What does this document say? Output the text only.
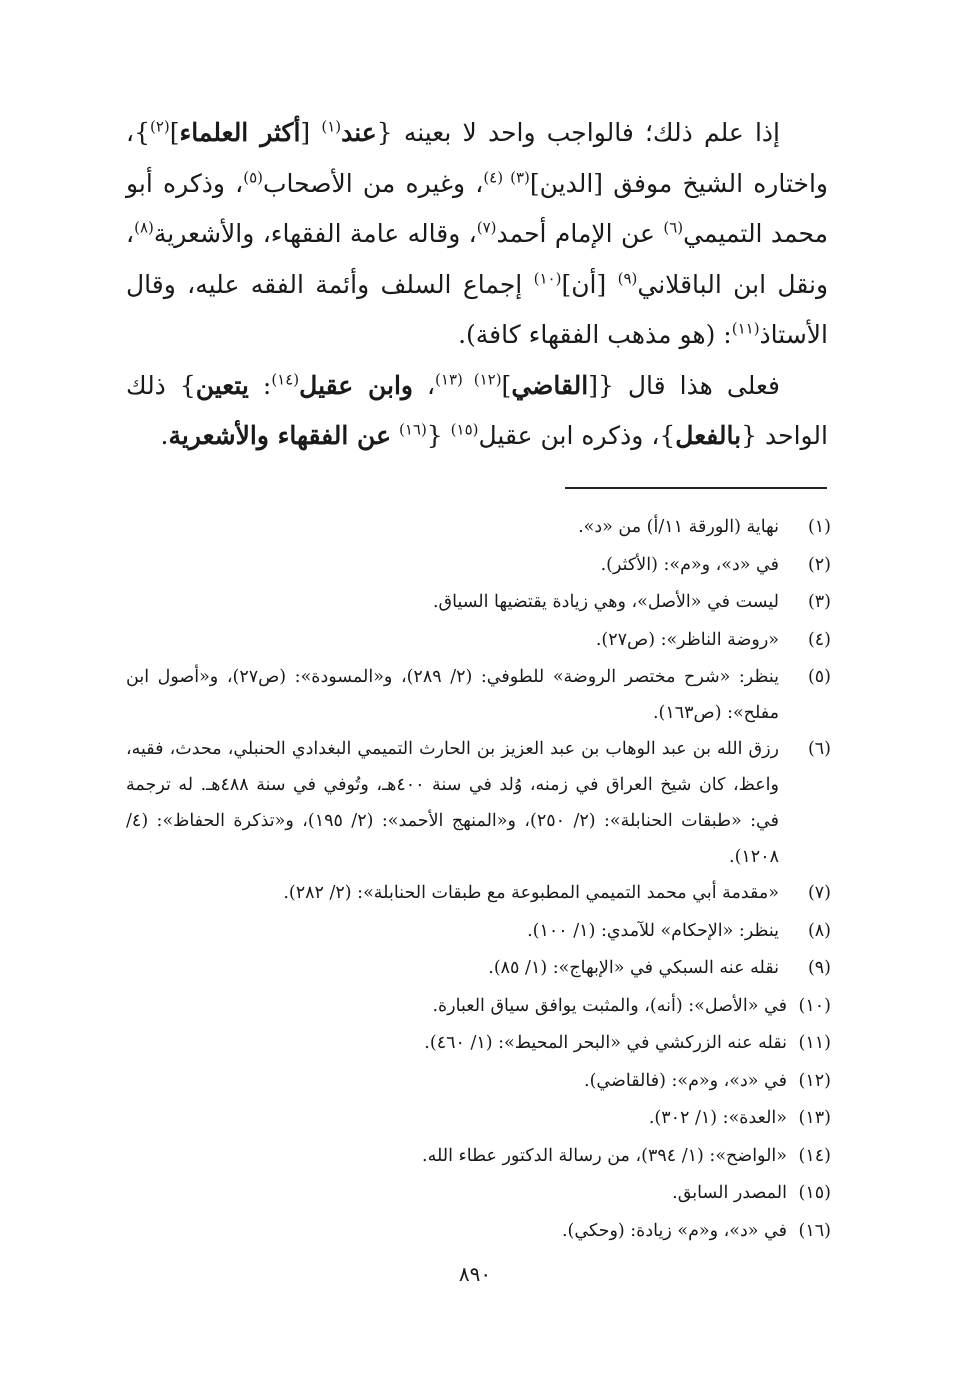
إذا علم ذلك؛ فالواجب واحد لا بعينه {عند$^{(١)}$ [أكثر العلماء]$^{(٢)}$}، واختاره الشيخ موفق [الدين]$^{(٣) (٤)}$، وغيره من الأصحاب$^{(٥)}$، وذكره أبو محمد التميمي$^{(٦)}$ عن الإمام أحمد$^{(٧)}$، وقاله عامة الفقهاء، والأشعرية$^{(٨)}$، ونقل ابن الباقلاني$^{(٩)}$ [أن]$^{(١٠)}$ إجماع السلف وأئمة الفقه عليه، وقال الأستاذ$^{(١١)}$: (هو مذهب الفقهاء كافة).

فعلى هذا قال {[القاضي]$^{(١٢) (١٣)}$، وابن عقيل$^{(١٤)}$: يتعين} ذلك الواحد {بالفعل}، وذكره ابن عقيل$^{(١٥)}$ {$^{(١٦)}$ عن الفقهاء والأشعرية.

(١)
نهاية (الورقة ١١/أ) من «د».
(٢)
في «د»، و«م»: (الأكثر).
(٣)
ليست في «الأصل»، وهي زيادة يقتضيها السياق.
(٤)
«روضة الناظر»: (ص٢٧).
(٥)
ينظر: «شرح مختصر الروضة» للطوفي: (٢/ ٢٨٩)، و«المسودة»: (ص٢٧)، و«أصول ابن مفلح»: (ص١٦٣).
(٦)
رزق الله بن عبد الوهاب بن عبد العزيز بن الحارث التميمي البغدادي الحنبلي، محدث، فقيه، واعظ، كان شيخ العراق في زمنه، وُلد في سنة ٤٠٠هـ، وتُوفي في سنة ٤٨٨هـ. له ترجمة في: «طبقات الحنابلة»: (٢/ ٢٥٠)، و«المنهج الأحمد»: (٢/ ١٩٥)، و«تذكرة الحفاظ»: (٤/ ١٢٠٨).
(٧)
«مقدمة أبي محمد التميمي المطبوعة مع طبقات الحنابلة»: (٢/ ٢٨٢).
(٨)
ينظر: «الإحكام» للآمدي: (١/ ١٠٠).
(٩)
نقله عنه السبكي في «الإبهاج»: (١/ ٨٥).
(١٠)
في «الأصل»: (أنه)، والمثبت يوافق سياق العبارة.
(١١)
نقله عنه الزركشي في «البحر المحيط»: (١/ ٤٦٠).
(١٢)
في «د»، و«م»: (فالقاضي).
(١٣)
«العدة»: (١/ ٣٠٢).
(١٤)
«الواضح»: (١/ ٣٩٤)، من رسالة الدكتور عطاء الله.
(١٥)
المصدر السابق.
(١٦)
في «د»، و«م» زيادة: (وحكي).
٨٩٠
